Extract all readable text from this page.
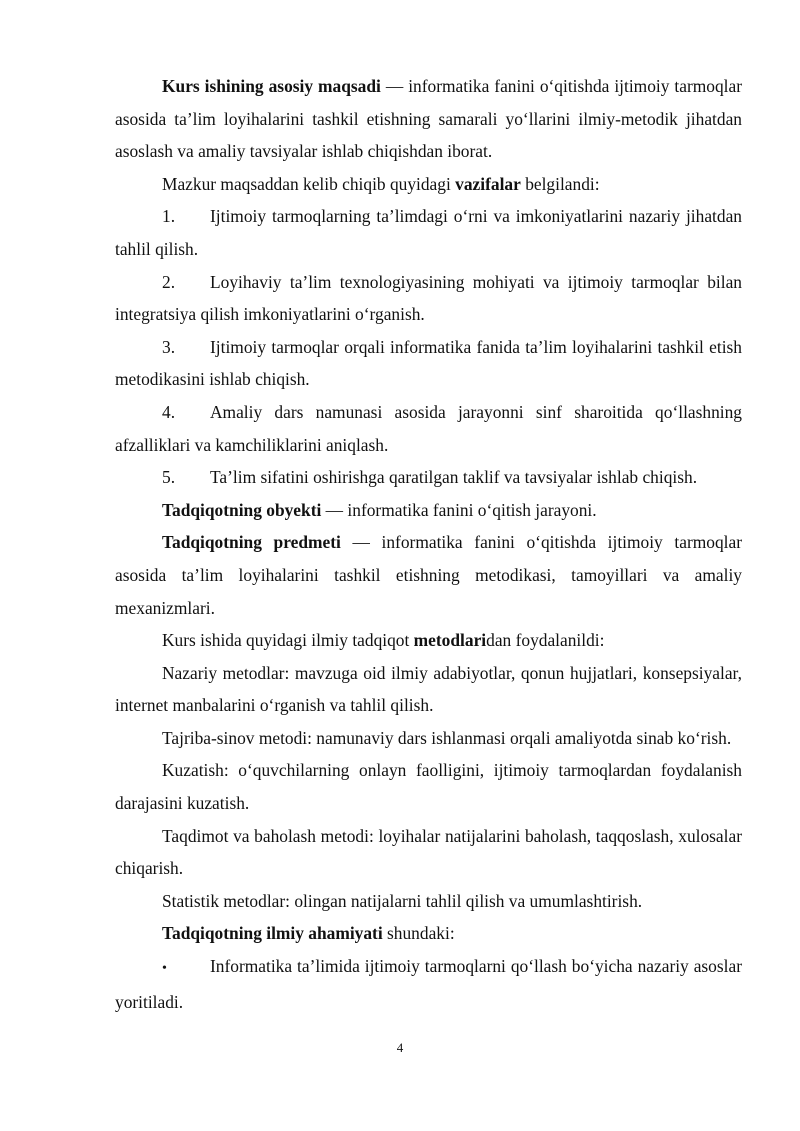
Kurs ishining asosiy maqsadi — informatika fanini o‘qitishda ijtimoiy tarmoqlar asosida ta’lim loyihalarini tashkil etishning samarali yo‘llarini ilmiy-metodik jihatdan asoslash va amaliy tavsiyalar ishlab chiqishdan iborat.

Mazkur maqsaddan kelib chiqib quyidagi vazifalar belgilandi:

1. Ijtimoiy tarmoqlarning ta’limdagi o‘rni va imkoniyatlarini nazariy jihatdan tahlil qilish.

2. Loyihaviy ta’lim texnologiyasining mohiyati va ijtimoiy tarmoqlar bilan integratsiya qilish imkoniyatlarini o‘rganish.

3. Ijtimoiy tarmoqlar orqali informatika fanida ta’lim loyihalarini tashkil etish metodikasini ishlab chiqish.

4. Amaliy dars namunasi asosida jarayonni sinf sharoitida qo‘llashning afzalliklari va kamchiliklarini aniqlash.

5. Ta’lim sifatini oshirishga qaratilgan taklif va tavsiyalar ishlab chiqish.

Tadqiqotning obyekti — informatika fanini o‘qitish jarayoni.

Tadqiqotning predmeti — informatika fanini o‘qitishda ijtimoiy tarmoqlar asosida ta’lim loyihalarini tashkil etishning metodikasi, tamoyillari va amaliy mexanizmlari.

Kurs ishida quyidagi ilmiy tadqiqot metodlaridan foydalanildi:

Nazariy metodlar: mavzuga oid ilmiy adabiyotlar, qonun hujjatlari, konsepsiyalar, internet manbalarini o‘rganish va tahlil qilish.

Tajriba-sinov metodi: namunaviy dars ishlanmasi orqali amaliyotda sinab ko‘rish.

Kuzatish: o‘quvchilarning onlayn faolligini, ijtimoiy tarmoqlardan foydalanish darajasini kuzatish.

Taqdimot va baholash metodi: loyihalar natijalarini baholash, taqqoslash, xulosalar chiqarish.

Statistik metodlar: olingan natijalarni tahlil qilish va umumlashtirish.

Tadqiqotning ilmiy ahamiyati shundaki:

• Informatika ta’limida ijtimoiy tarmoqlarni qo‘llash bo‘yicha nazariy asoslar yoritiladi.

4
